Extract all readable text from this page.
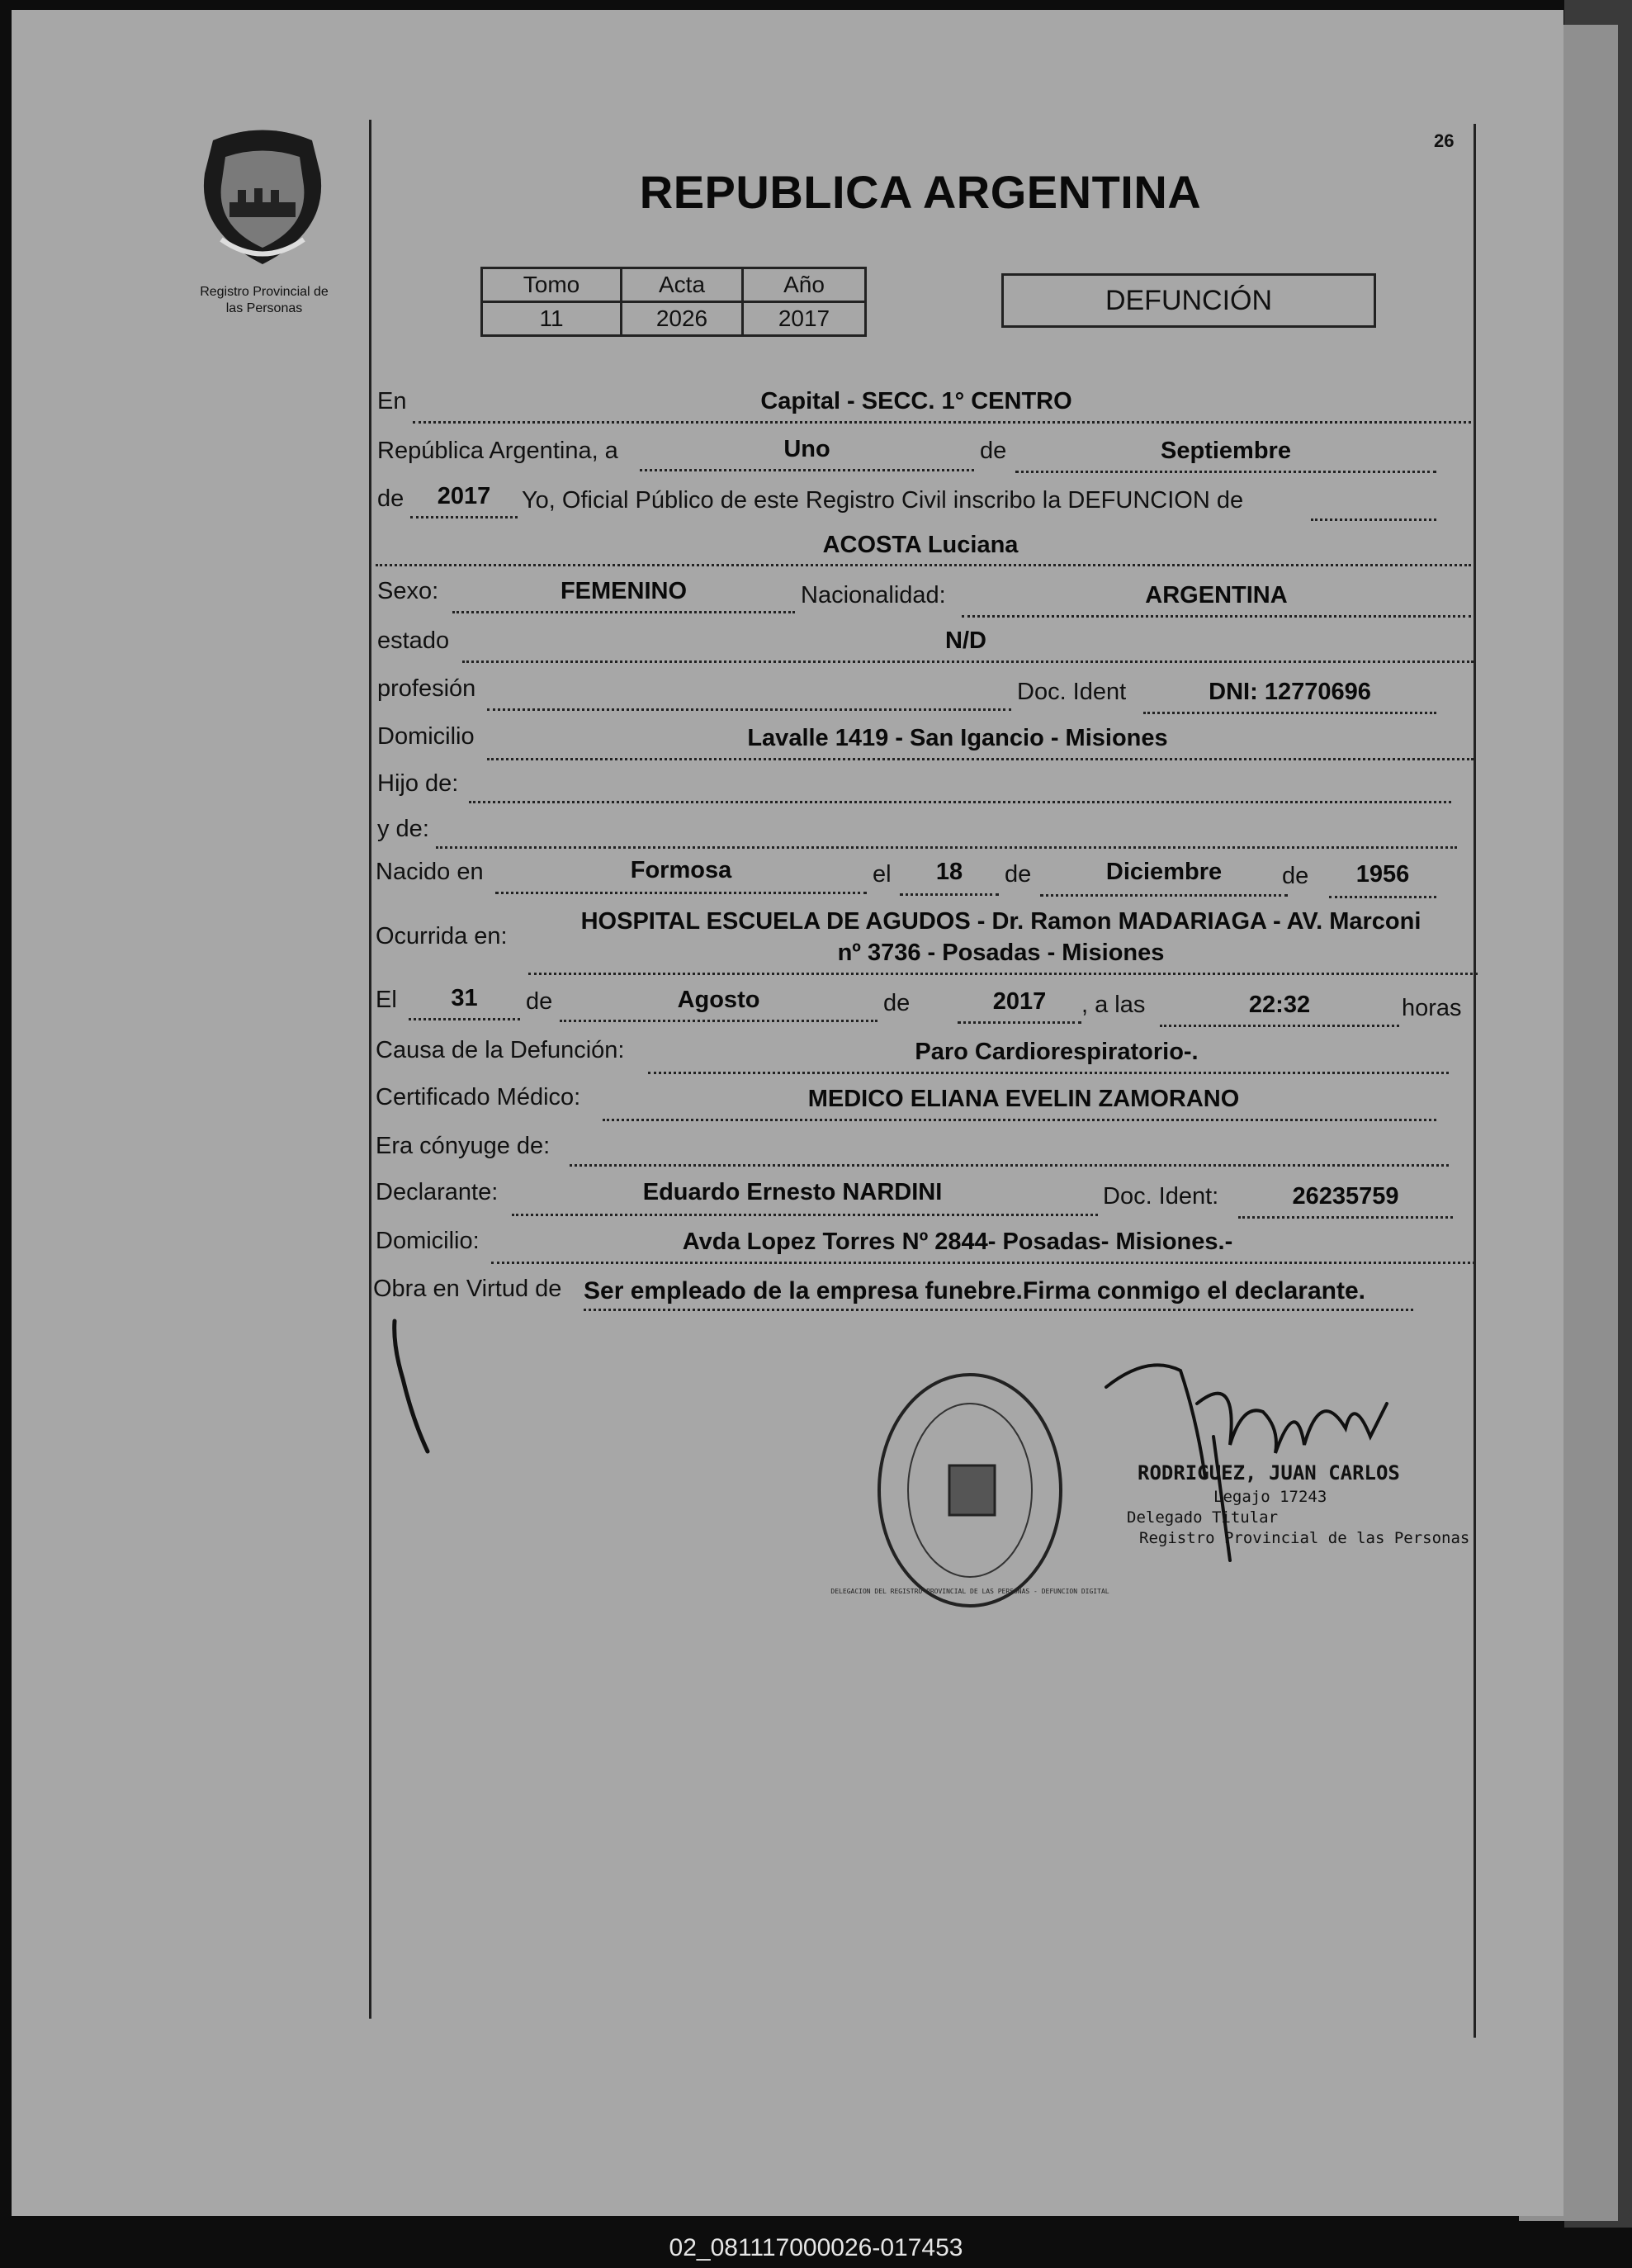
Registro Provincial de
las Personas
26
REPUBLICA ARGENTINA
Tomo	Acta	Año
11	2026	2017
DEFUNCIÓN
En	Capital - SECC. 1° CENTRO
República Argentina, a	Uno	de	Septiembre
de	2017	Yo, Oficial Público de este Registro Civil inscribo la DEFUNCION de
ACOSTA Luciana
Sexo:	FEMENINO	Nacionalidad:	ARGENTINA
estado	N/D
profesión	Doc. Ident	DNI: 12770696
Domicilio	Lavalle 1419 - San Igancio - Misiones
Hijo de:
y de:
Nacido en	Formosa	el	18	de	Diciembre	de	1956
Ocurrida en:
HOSPITAL ESCUELA DE AGUDOS - Dr. Ramon MADARIAGA - AV. Marconi
nº 3736 - Posadas - Misiones
El	31	de	Agosto	de	2017	, a las	22:32	horas
Causa de la Defunción:	Paro Cardiorespiratorio-.
Certificado Médico:	MEDICO ELIANA EVELIN ZAMORANO
Era cónyuge de:
Declarante:	Eduardo Ernesto NARDINI	Doc. Ident:	26235759
Domicilio:	Avda Lopez Torres Nº 2844- Posadas- Misiones.-
Obra en Virtud de Ser empleado de la empresa funebre.Firma conmigo el declarante.
DELEGACION DEL REGISTRO PROVINCIAL DE LAS PERSONAS - DEFUNCION DIGITAL
RODRIGUEZ, JUAN CARLOS
Legajo 17243
Delegado Titular
Registro Provincial de las Personas
02_081117000026-017453
